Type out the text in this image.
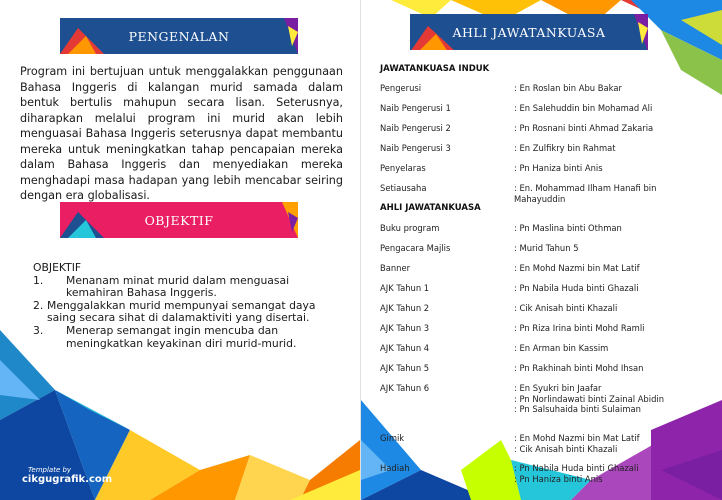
PENGENALAN
Program ini bertujuan untuk menggalakkan penggunaan Bahasa Inggeris di kalangan murid samada dalam bentuk bertulis mahupun secara lisan. Seterusnya, diharapkan melalui program ini murid akan lebih menguasai Bahasa Inggeris seterusnya dapat membantu mereka untuk meningkatkan tahap pencapaian mereka dalam Bahasa Inggeris dan menyediakan mereka menghadapi masa hadapan yang lebih mencabar seiring dengan era globalisasi.
OBJEKTIF
OBJEKTIF
1.	Menanam minat murid dalam menguasai kemahiran Bahasa Inggeris.
2. Menggalakkan murid mempunyai semangat daya saing secara sihat di dalamaktiviti yang disertai.
3.	Menerap semangat ingin mencuba dan meningkatkan keyakinan diri murid-murid.
Template by
cikgugrafik.com
AHLI JAWATANKUASA
JAWATANKUASA INDUK
Pengerusi	: En Roslan bin Abu Bakar
Naib Pengerusi 1	: En Salehuddin bin Mohamad Ali
Naib Pengerusi 2	: Pn Rosnani binti Ahmad Zakaria
Naib Pengerusi 3	: En Zulfikry bin Rahmat
Penyelaras	: Pn Haniza binti Anis
Setiausaha	: En. Mohammad Ilham Hanafi bin Mahayuddin
AHLI JAWATANKUASA
Buku program	: Pn Maslina binti Othman
Pengacara Majlis	: Murid Tahun 5
Banner	: En Mohd Nazmi bin Mat Latif
AJK Tahun 1	: Pn Nabila Huda binti Ghazali
AJK Tahun 2	: Cik Anisah binti Khazali
AJK Tahun 3	: Pn Riza Irina binti Mohd Ramli
AJK Tahun 4	: En Arman bin Kassim
AJK Tahun 5	: Pn Rakhinah binti Mohd Ihsan
AJK Tahun 6	: En Syukri bin Jaafar
: Pn Norlindawati binti Zainal Abidin
: Pn Salsuhaida binti Sulaiman
Gimik	: En Mohd Nazmi bin Mat Latif
: Cik Anisah binti Khazali
Hadiah	: Pn Nabila Huda binti Ghazali
: Pn Haniza binti Anis
